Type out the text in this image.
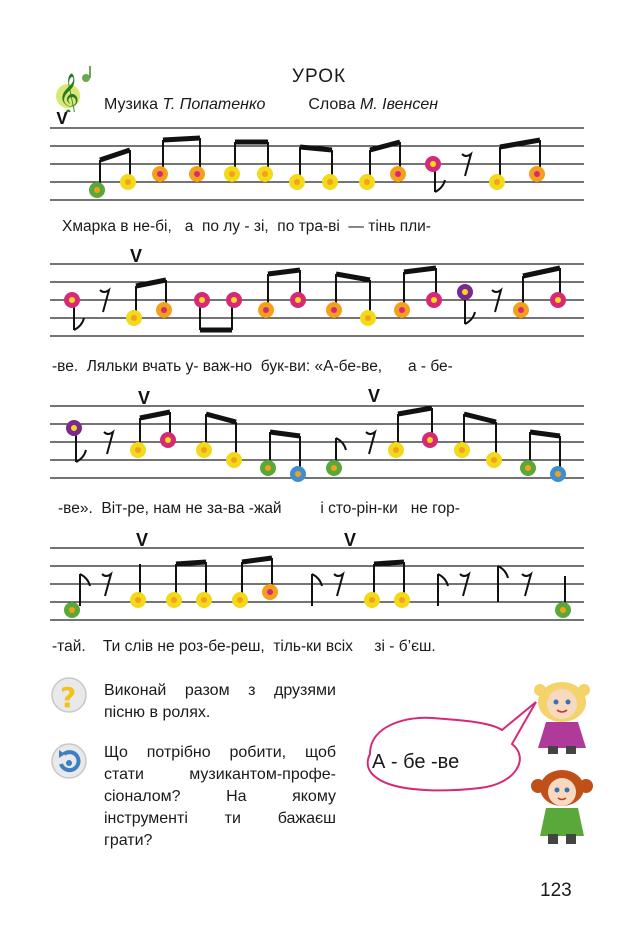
𝄞	УРОК
Музика Т. Попатенко	Слова М. Івенсен
V
Хмарка в не-бі,   а  по лу - зі,  по тра-ві  — тінь пли-
V
-ве.  Ляльки вчать у- важ-но  бук-ви: «А-бе-ве,      а - бе-
V	V
-ве».  Віт-ре, нам не за-ва -жай         і сто-рін-ки   не гор-
V	V
-тай.    Ти слів не роз-бе-реш,  тіль-ки всіх     зі - б’єш.
? Виконай разом з друзями
пісню в ролях.
Що потрібно робити, щоб
стати музикантом-профе-
сіоналом? На якому
інструменті ти бажаєш
грати?
А - бе -ве
123
